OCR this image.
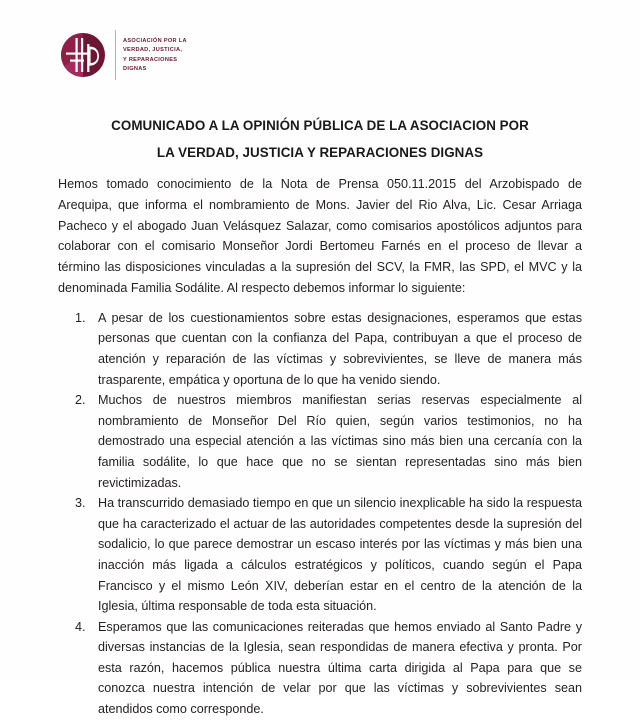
ASOCIACIÓN POR LA
VERDAD, JUSTICIA,
Y REPARACIONES
DIGNAS
COMUNICADO A LA OPINIÓN PÚBLICA DE LA ASOCIACION POR
LA VERDAD, JUSTICIA Y REPARACIONES DIGNAS

Hemos tomado conocimiento de la Nota de Prensa 050.11.2015 del Arzobispado de Arequipa, que informa el nombramiento de Mons. Javier del Rio Alva, Lic. Cesar Arriaga Pacheco y el abogado Juan Velásquez Salazar, como comisarios apostólicos adjuntos para colaborar con el comisario Monseñor Jordi Bertomeu Farnés en el proceso de llevar a término las disposiciones vinculadas a la supresión del SCV, la FMR, las SPD, el MVC y la denominada Familia Sodálite. Al respecto debemos informar lo siguiente:

A pesar de los cuestionamientos sobre estas designaciones, esperamos que estas personas que cuentan con la confianza del Papa, contribuyan a que el proceso de atención y reparación de las víctimas y sobrevivientes, se lleve de manera más trasparente, empática y oportuna de lo que ha venido siendo.
Muchos de nuestros miembros manifiestan serias reservas especialmente al nombramiento de Monseñor Del Río quien, según varios testimonios, no ha demostrado una especial atención a las víctimas sino más bien una cercanía con la familia sodálite, lo que hace que no se sientan representadas sino más bien revictimizadas.
Ha transcurrido demasiado tiempo en que un silencio inexplicable ha sido la respuesta que ha caracterizado el actuar de las autoridades competentes desde la supresión del sodalicio, lo que parece demostrar un escaso interés por las víctimas y más bien una inacción más ligada a cálculos estratégicos y políticos, cuando según el Papa Francisco y el mismo León XIV, deberían estar en el centro de la atención de la Iglesia, última responsable de toda esta situación.
Esperamos que las comunicaciones reiteradas que hemos enviado al Santo Padre y diversas instancias de la Iglesia, sean respondidas de manera efectiva y pronta. Por esta razón, hacemos pública nuestra última carta dirigida al Papa para que se conozca nuestra intención de velar por que las víctimas y sobrevivientes sean atendidos como corresponde.
